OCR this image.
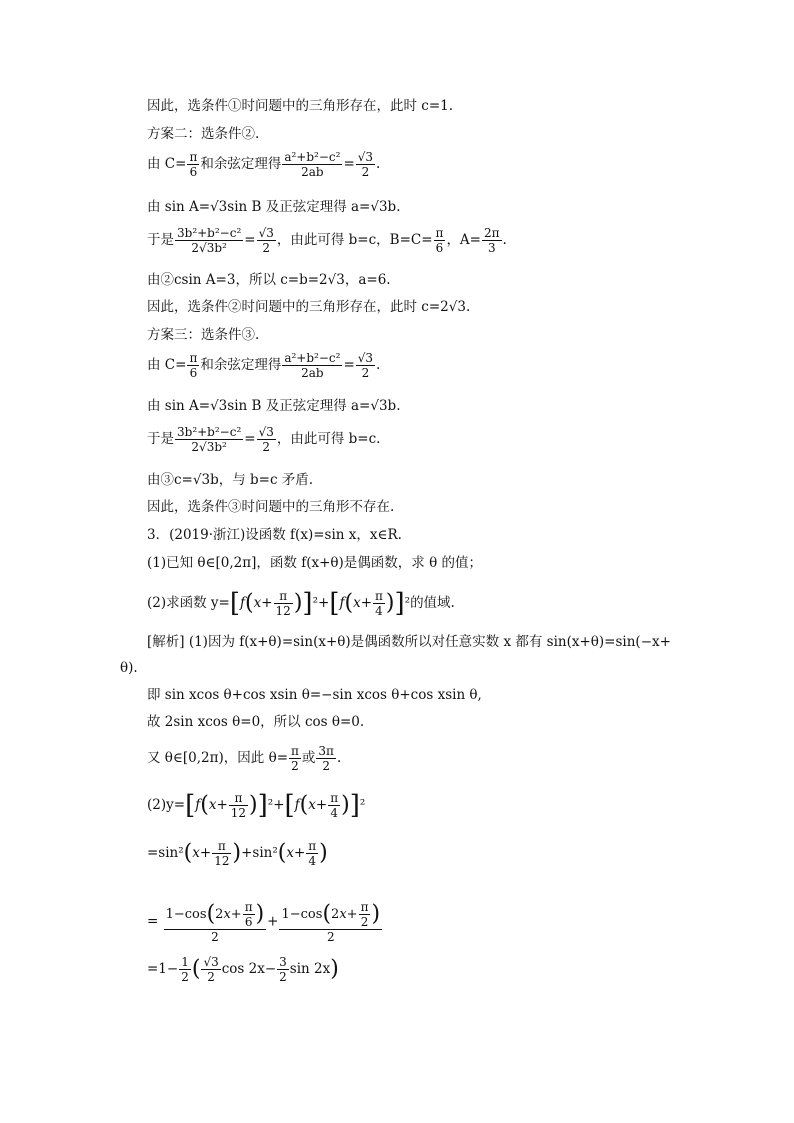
因此，选条件①时问题中的三角形存在，此时 c=1.
方案二：选条件②.
由 $C= \frac{\pi}{6}$ 和余弦定理得 $\frac{\text{a²+b²−c²}}{2ab} = \frac{√3}{2}$ .
由 sin A=√3sin B 及正弦定理得 a=√3b.
于是 $\frac{\text{3b²+b²−c²}}{\text{2√3b²}} = \frac{√3}{2}$ ，由此可得 b=c，$B=C= \frac{\pi}{6}$ ，$A= \frac{2\pi}{3}$ .
由②csin A=3，所以 c=b=2√3，a=6.
因此，选条件②时问题中的三角形存在，此时 c=2√3.
方案三：选条件③.
由 $C= \frac{\pi}{6}$ 和余弦定理得 $\frac{\text{a²+b²−c²}}{2ab} = \frac{√3}{2}$ .
由 sin A=√3sin B 及正弦定理得 a=√3b.
于是 $\frac{\text{3b²+b²−c²}}{\text{2√3b²}} = \frac{√3}{2}$ ，由此可得 b=c.
由③c=√3b，与 b=c 矛盾.
因此，选条件③时问题中的三角形不存在.
3．(2019·浙江)设函数 f(x)=sin x，x∈R.
(1)已知 θ∈[0,2π]，函数 f(x+θ)是偶函数，求 θ 的值；
(2)求函数 $y=[f(x+ \frac{\pi}{12} )]^2+[f(x+ \frac{\pi}{4} )]^2$的值域.
[解析] (1)因为 f(x+θ)=sin(x+θ)是偶函数所以对任意实数 x 都有 sin(x+θ)=sin(−x+
θ).
即 sin xcos θ+cos xsin θ=−sin xcos θ+cos xsin θ,
故 2sin xcos θ=0，所以 cos θ=0.
又 θ∈[0,2π)，因此 $\theta= \frac{\pi}{2}$ 或 $\frac{3\pi}{2}$ .
$(2)y=[f(x+ \frac{\pi}{12} )]^2+[f(x+ \frac{\pi}{4} )]^2$
$=\sin^2(x+ \frac{\pi}{12} )+\sin^2(x+ \frac{\pi}{4}$ )
= $\frac{1-\cos(2x+ \frac{\pi}{6} )}{2} + \frac{1-\cos(2x+ \frac{\pi}{2} )}{2}$
$=1- \frac{1}{2}$ ( $\frac{√3}{2}$ $\cos 2x- \frac{3}{2}$ sin 2x)
